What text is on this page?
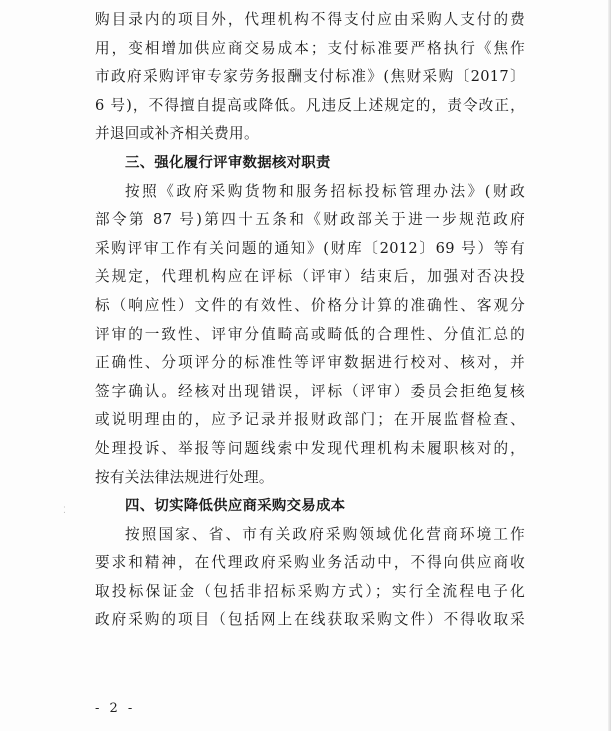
购目录内的项目外，代理机构不得支付应由采购人支付的费
用，变相增加供应商交易成本；支付标准要严格执行《焦作
市政府采购评审专家劳务报酬支付标准》(焦财采购〔2017〕
6 号)，不得擅自提高或降低。凡违反上述规定的，责令改正，
并退回或补齐相关费用。
三、强化履行评审数据核对职责
按照《政府采购货物和服务招标投标管理办法》(财政
部令第 87 号)第四十五条和《财政部关于进一步规范政府
采购评审工作有关问题的通知》(财库〔2012〕69 号）等有
关规定，代理机构应在评标（评审）结束后，加强对否决投
标（响应性）文件的有效性、价格分计算的准确性、客观分
评审的一致性、评审分值畸高或畸低的合理性、分值汇总的
正确性、分项评分的标准性等评审数据进行校对、核对，并
签字确认。经核对出现错误，评标（评审）委员会拒绝复核
或说明理由的，应予记录并报财政部门；在开展监督检查、
处理投诉、举报等问题线索中发现代理机构未履职核对的，
按有关法律法规进行处理。
四、切实降低供应商采购交易成本
按照国家、省、市有关政府采购领域优化营商环境工作
要求和精神，在代理政府采购业务活动中，不得向供应商收
取投标保证金（包括非招标采购方式）；实行全流程电子化
政府采购的项目（包括网上在线获取采购文件）不得收取采
⁚
- 2 -
